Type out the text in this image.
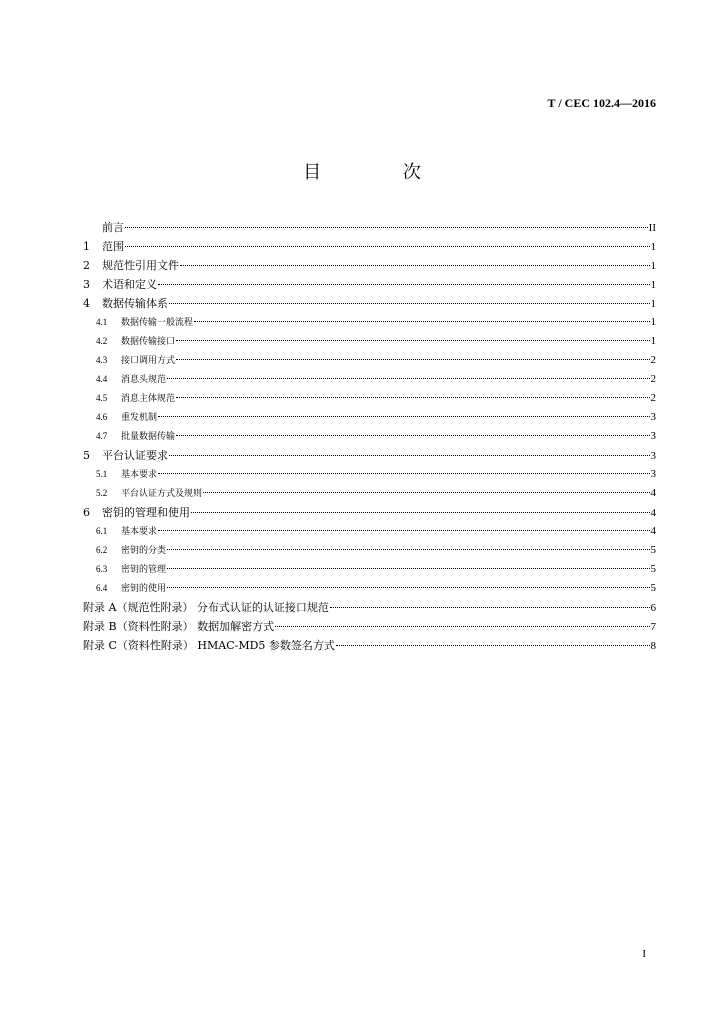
T / CEC 102.4—2016
目 次
前言	II
1	范围	1
2	规范性引用文件	1
3	术语和定义	1
4	数据传输体系	1
4.1	数据传输一般流程	1
4.2	数据传输接口	1
4.3	接口调用方式	2
4.4	消息头规范	2
4.5	消息主体规范	2
4.6	重发机制	3
4.7	批量数据传输	3
5	平台认证要求	3
5.1	基本要求	3
5.2	平台认证方式及规则	4
6	密钥的管理和使用	4
6.1	基本要求	4
6.2	密钥的分类	5
6.3	密钥的管理	5
6.4	密钥的使用	5
附录 A（规范性附录） 分布式认证的认证接口规范	6
附录 B（资料性附录） 数据加解密方式	7
附录 C（资料性附录） HMAC-MD5 参数签名方式	8
I
